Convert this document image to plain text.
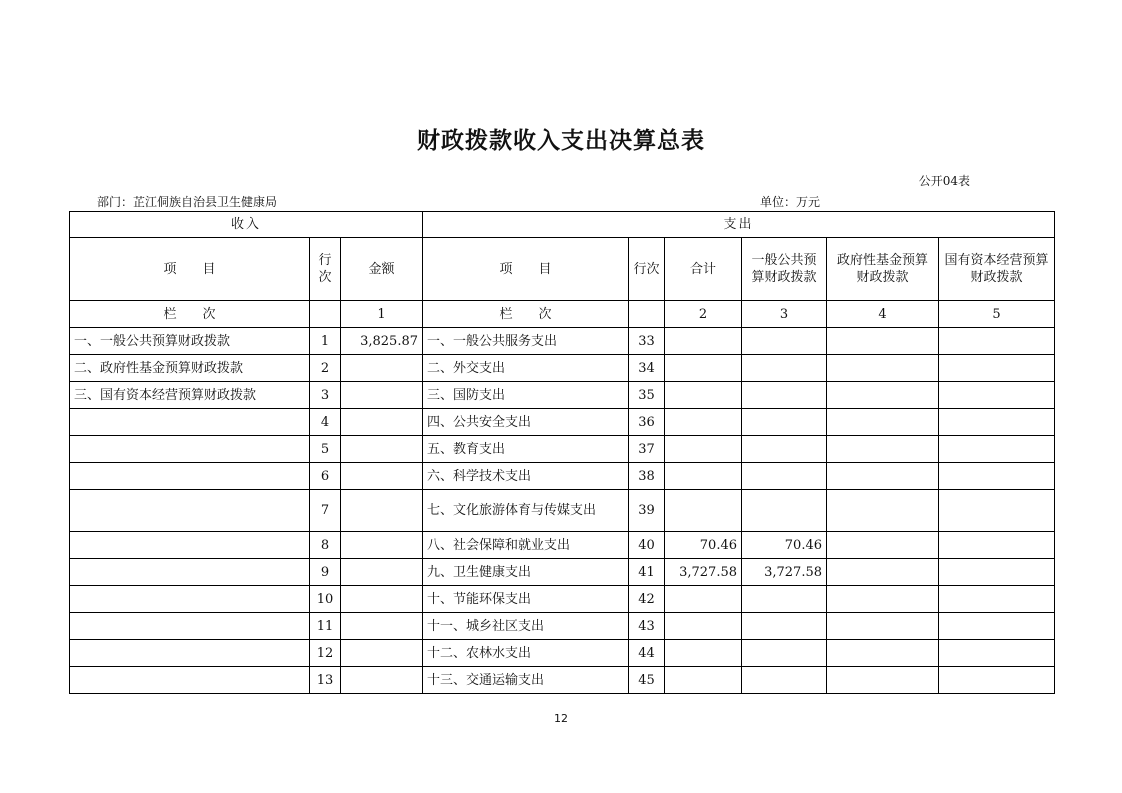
财政拨款收入支出决算总表
公开04表
部门：芷江侗族自治县卫生健康局	单位：万元
收入			支出					
项　　目	行次	金额	项　　目	行次	合计	一般公共预算财政拨款	政府性基金预算财政拨款	国有资本经营预算财政拨款
栏　　次		1	栏　　次		2	3	4	5
一、一般公共预算财政拨款	1	3,825.87	一、一般公共服务支出	33				
二、政府性基金预算财政拨款	2		二、外交支出	34				
三、国有资本经营预算财政拨款	3		三、国防支出	35				
	4		四、公共安全支出	36				
	5		五、教育支出	37				
	6		六、科学技术支出	38				
	7		七、文化旅游体育与传媒支出	39				
	8		八、社会保障和就业支出	40	70.46	70.46		
	9		九、卫生健康支出	41	3,727.58	3,727.58		
	10		十、节能环保支出	42				
	11		十一、城乡社区支出	43				
	12		十二、农林水支出	44				
	13		十三、交通运输支出	45				
12
